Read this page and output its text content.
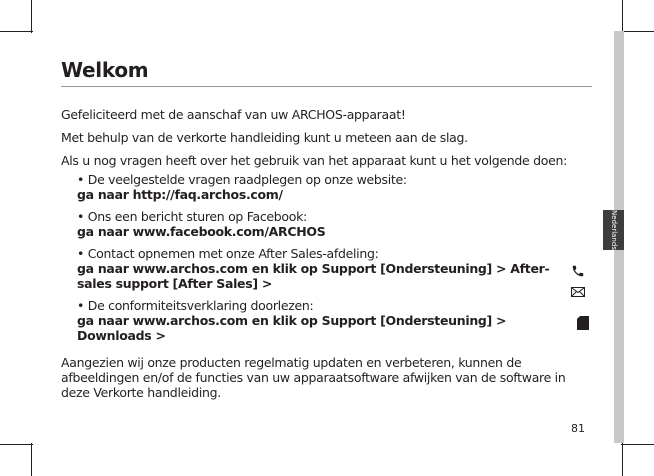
Nederlands
Welkom

Gefeliciteerd met de aanschaf van uw ARCHOS-apparaat!

Met behulp van de verkorte handleiding kunt u meteen aan de slag.

Als u nog vragen heeft over het gebruik van het apparaat kunt u het volgende doen:

• De veelgestelde vragen raadplegen op onze website:
ga naar http://faq.archos.com/
• Ons een bericht sturen op Facebook:
ga naar www.facebook.com/ARCHOS
• Contact opnemen met onze After Sales-afdeling:
ga naar www.archos.com en klik op Support [Ondersteuning] > After-sales support [After Sales] >
• De conformiteitsverklaring doorlezen:
ga naar www.archos.com en klik op Support [Ondersteuning] > Downloads >

Aangezien wij onze producten regelmatig updaten en verbeteren, kunnen de afbeeldingen en/of de functies van uw apparaatsoftware afwijken van de software in deze Verkorte handleiding.

81
